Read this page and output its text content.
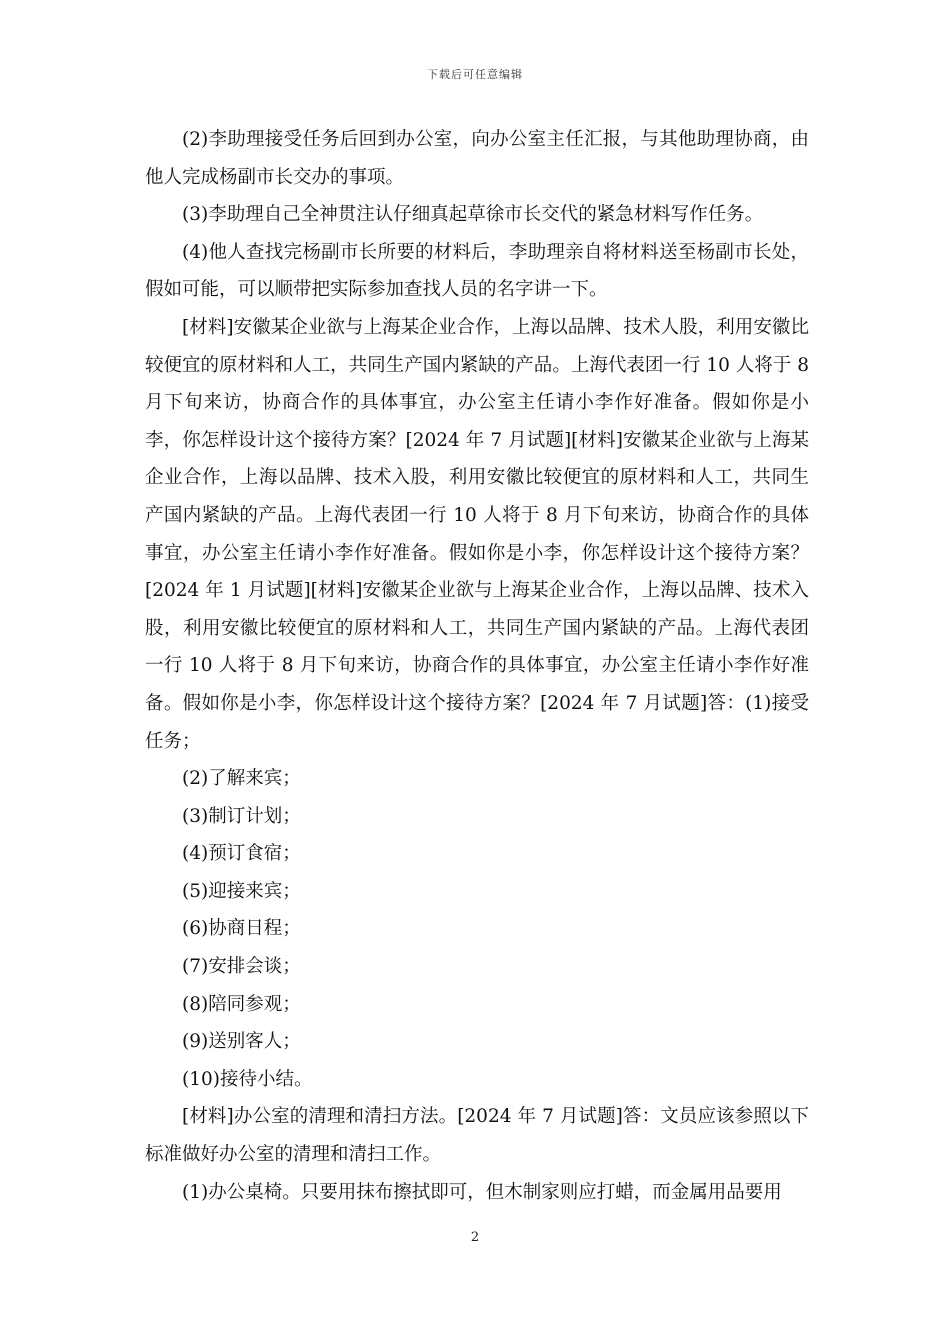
下载后可任意编辑

(2)李助理接受任务后回到办公室，向办公室主任汇报，与其他助理协商，由他人完成杨副市长交办的事项。

(3)李助理自己全神贯注认仔细真起草徐市长交代的紧急材料写作任务。

(4)他人查找完杨副市长所要的材料后，李助理亲自将材料送至杨副市长处，假如可能，可以顺带把实际参加查找人员的名字讲一下。

[材料]安徽某企业欲与上海某企业合作，上海以品牌、技术人股，利用安徽比较便宜的原材料和人工，共同生产国内紧缺的产品。上海代表团一行 10 人将于 8 月下旬来访，协商合作的具体事宜，办公室主任请小李作好准备。假如你是小李，你怎样设计这个接待方案？[2024 年 7 月试题][材料]安徽某企业欲与上海某企业合作，上海以品牌、技术入股，利用安徽比较便宜的原材料和人工，共同生产国内紧缺的产品。上海代表团一行 10 人将于 8 月下旬来访，协商合作的具体事宜，办公室主任请小李作好准备。假如你是小李，你怎样设计这个接待方案？[2024 年 1 月试题][材料]安徽某企业欲与上海某企业合作，上海以品牌、技术入股，利用安徽比较便宜的原材料和人工，共同生产国内紧缺的产品。上海代表团一行 10 人将于 8 月下旬来访，协商合作的具体事宜，办公室主任请小李作好准备。假如你是小李，你怎样设计这个接待方案？[2024 年 7 月试题]答：(1)接受任务；

(2)了解来宾；

(3)制订计划；

(4)预订食宿；

(5)迎接来宾；

(6)协商日程；

(7)安排会谈；

(8)陪同参观；

(9)送别客人；

(10)接待小结。

[材料]办公室的清理和清扫方法。[2024 年 7 月试题]答：文员应该参照以下标准做好办公室的清理和清扫工作。

(1)办公桌椅。只要用抹布擦拭即可，但木制家则应打蜡，而金属用品要用

2
